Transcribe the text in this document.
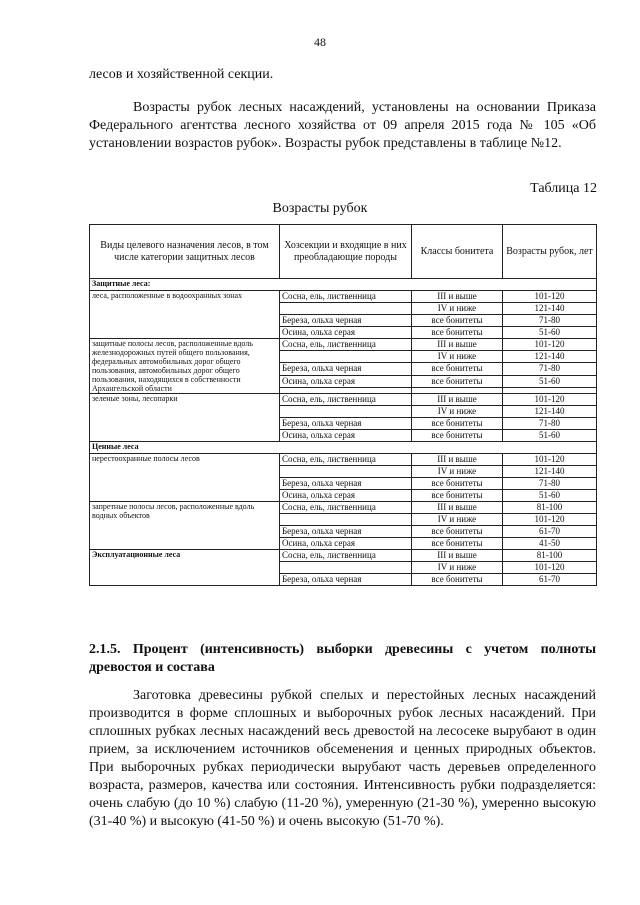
48

лесов и хозяйственной секции.

Возрасты рубок лесных насаждений, установлены на основании Приказа Федерального агентства лесного хозяйства от 09 апреля 2015 года № 105 «Об установлении возрастов рубок». Возрасты рубок представлены в таблице №12.

Таблица 12
Возрасты рубок
Виды целевого назначения лесов, в том числе категории защитных лесов	Хозсекции и входящие в них преобладающие породы	Классы бонитета	Возрасты рубок, лет
Защитные леса:			
леса, расположенные в водоохранных зонах	Сосна, ель, лиственница	III и выше	101-120
		IV и ниже	121-140
	Береза, ольха черная	все бонитеты	71-80
	Осина, ольха серая	все бонитеты	51-60
защитные полосы лесов, расположенные вдоль железнодорожных путей общего пользования, федеральных автомобильных дорог общего пользования, автомобильных дорог общего пользования, находящихся в собственности Архангельской области	Сосна, ель, лиственница	III и выше	101-120
		IV и ниже	121-140
	Береза, ольха черная	все бонитеты	71-80
	Осина, ольха серая	все бонитеты	51-60

зеленые зоны, лесопарки	Сосна, ель, лиственница	III и выше	101-120
		IV и ниже	121-140
	Береза, ольха черная	все бонитеты	71-80
	Осина, ольха серая	все бонитеты	51-60
Ценные леса			
нерестоохранные полосы лесов	Сосна, ель, лиственница	III и выше	101-120
		IV и ниже	121-140
	Береза, ольха черная	все бонитеты	71-80
	Осина, ольха серая	все бонитеты	51-60
запретные полосы лесов, расположенные вдоль водных объектов	Сосна, ель, лиственница	III и выше	81-100
		IV и ниже	101-120
	Береза, ольха черная	все бонитеты	61-70
	Осина, ольха серая	все бонитеты	41-50
Эксплуатационные леса	Сосна, ель, лиственница	III и выше	81-100
		IV и ниже	101-120
	Береза, ольха черная	все бонитеты	61-70

2.1.5. Процент (интенсивность) выборки древесины с учетом полноты древостоя и состава

Заготовка древесины рубкой спелых и перестойных лесных насаждений производится в форме сплошных и выборочных рубок лесных насаждений. При сплошных рубках лесных насаждений весь древостой на лесосеке вырубают в один прием, за исключением источников обсеменения и ценных природных объектов. При выборочных рубках периодически вырубают часть деревьев определенного возраста, размеров, качества или состояния. Интенсивность рубки подразделяется: очень слабую (до 10 %) слабую (11-20 %), умеренную (21-30 %), умеренно высокую (31-40 %) и высокую (41-50 %) и очень высокую (51-70 %).
